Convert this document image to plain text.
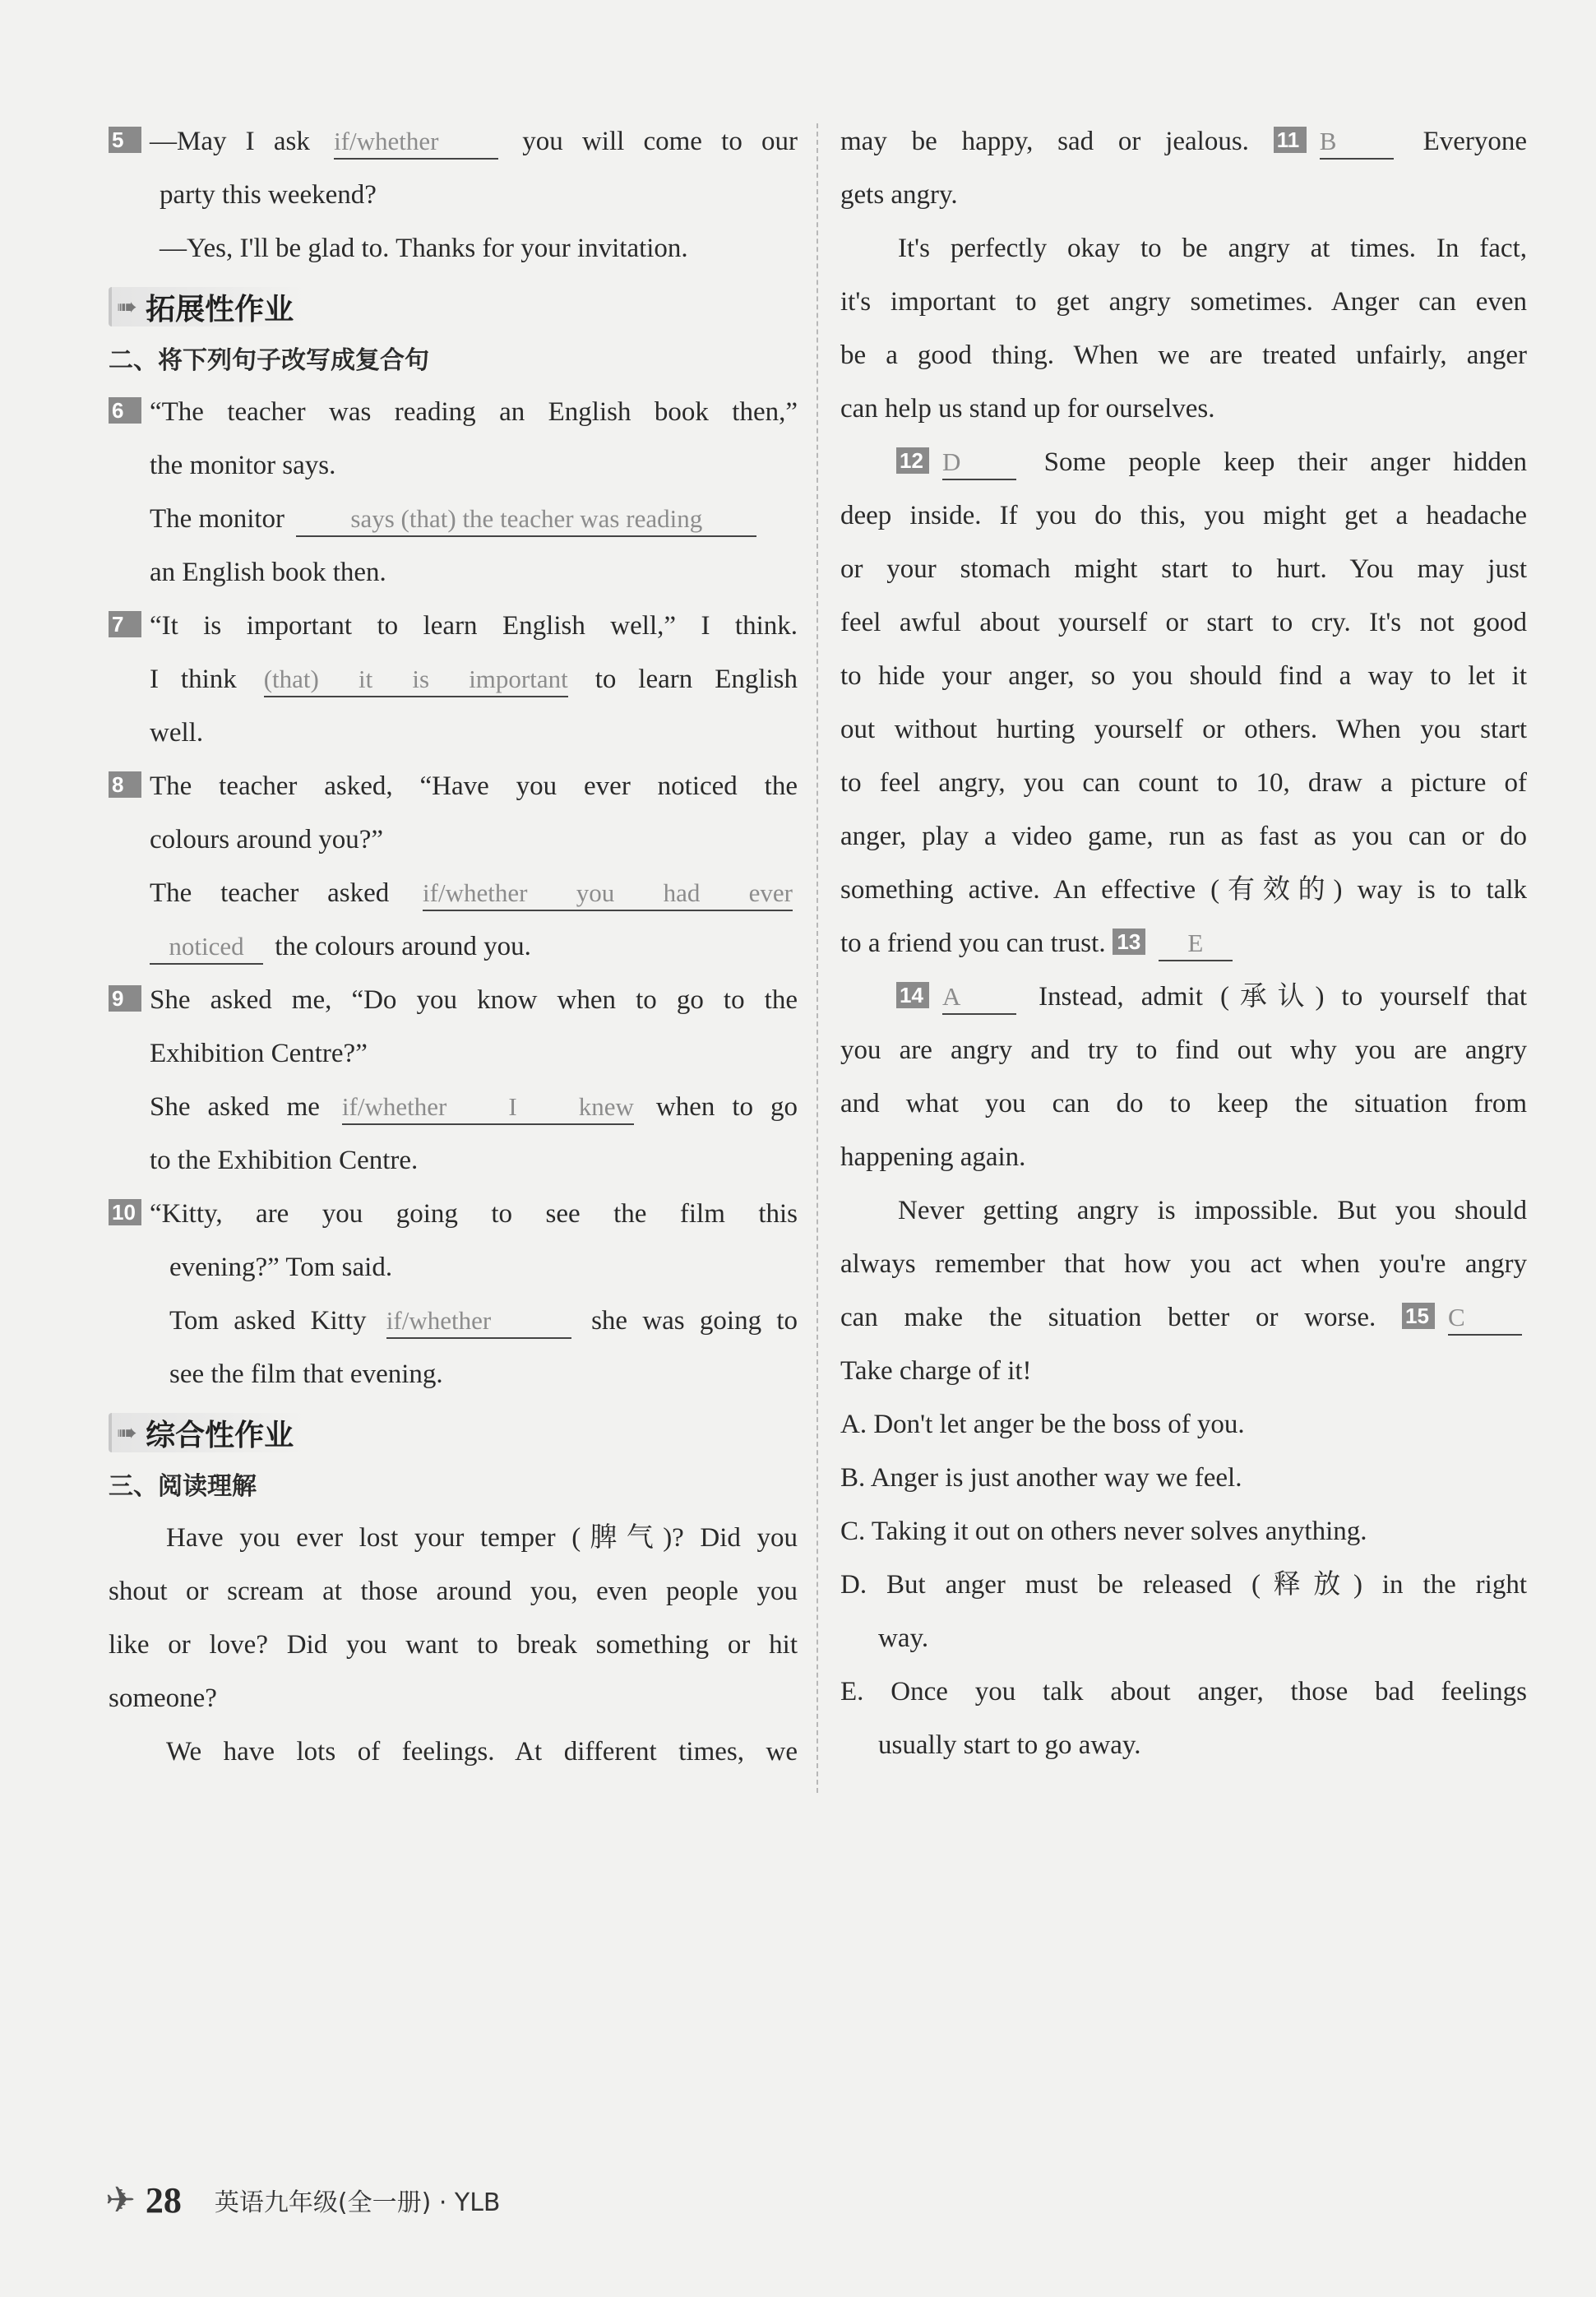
5 —May I ask if/whether	you will come to our
party this weekend?
—Yes, I'll be glad to. Thanks for your invitation.
➠ 拓展性作业
二、将下列句子改写成复合句
6 “The teacher was reading an English book then,”
the monitor says.
The monitor	says (that) the teacher was reading
an English book then.
7 “It is important to learn English well,” I think.
I think (that) it is important to learn English
well.
8 The teacher asked, “Have you ever noticed the
colours around you?”
The teacher asked if/whether you had ever
noticed the colours around you.
9 She asked me, “Do you know when to go to the
Exhibition Centre?”
She asked me if/whether I knew when to go
to the Exhibition Centre.
10 “Kitty, are you going to see the film this
evening?” Tom said.
Tom asked Kitty if/whether	she was going to
see the film that evening.
➠ 综合性作业
三、阅读理解
Have you ever lost your temper (脾气)? Did you
shout or scream at those around you, even people you
like or love? Did you want to break something or hit
someone?
We have lots of feelings. At different times, we
may be happy, sad or jealous. 11 B	Everyone
gets angry.
It's perfectly okay to be angry at times. In fact,
it's important to get angry sometimes. Anger can even
be a good thing. When we are treated unfairly, anger
can help us stand up for ourselves.
12 D	Some people keep their anger hidden
deep inside. If you do this, you might get a headache
or your stomach might start to hurt. You may just
feel awful about yourself or start to cry. It's not good
to hide your anger, so you should find a way to let it
out without hurting yourself or others. When you start
to feel angry, you can count to 10, draw a picture of
anger, play a video game, run as fast as you can or do
something active. An effective (有效的) way is to talk
to a friend you can trust. 13 E
14 A	Instead, admit (承认) to yourself that
you are angry and try to find out why you are angry
and what you can do to keep the situation from
happening again.
Never getting angry is impossible. But you should
always remember that how you act when you're angry
can make the situation better or worse. 15 C
Take charge of it!
A. Don't let anger be the boss of you.
B. Anger is just another way we feel.
C. Taking it out on others never solves anything.
D. But anger must be released (释放) in the right
way.
E. Once you talk about anger, those bad feelings
usually start to go away.
✈ 28 英语九年级(全一册) · YLB
